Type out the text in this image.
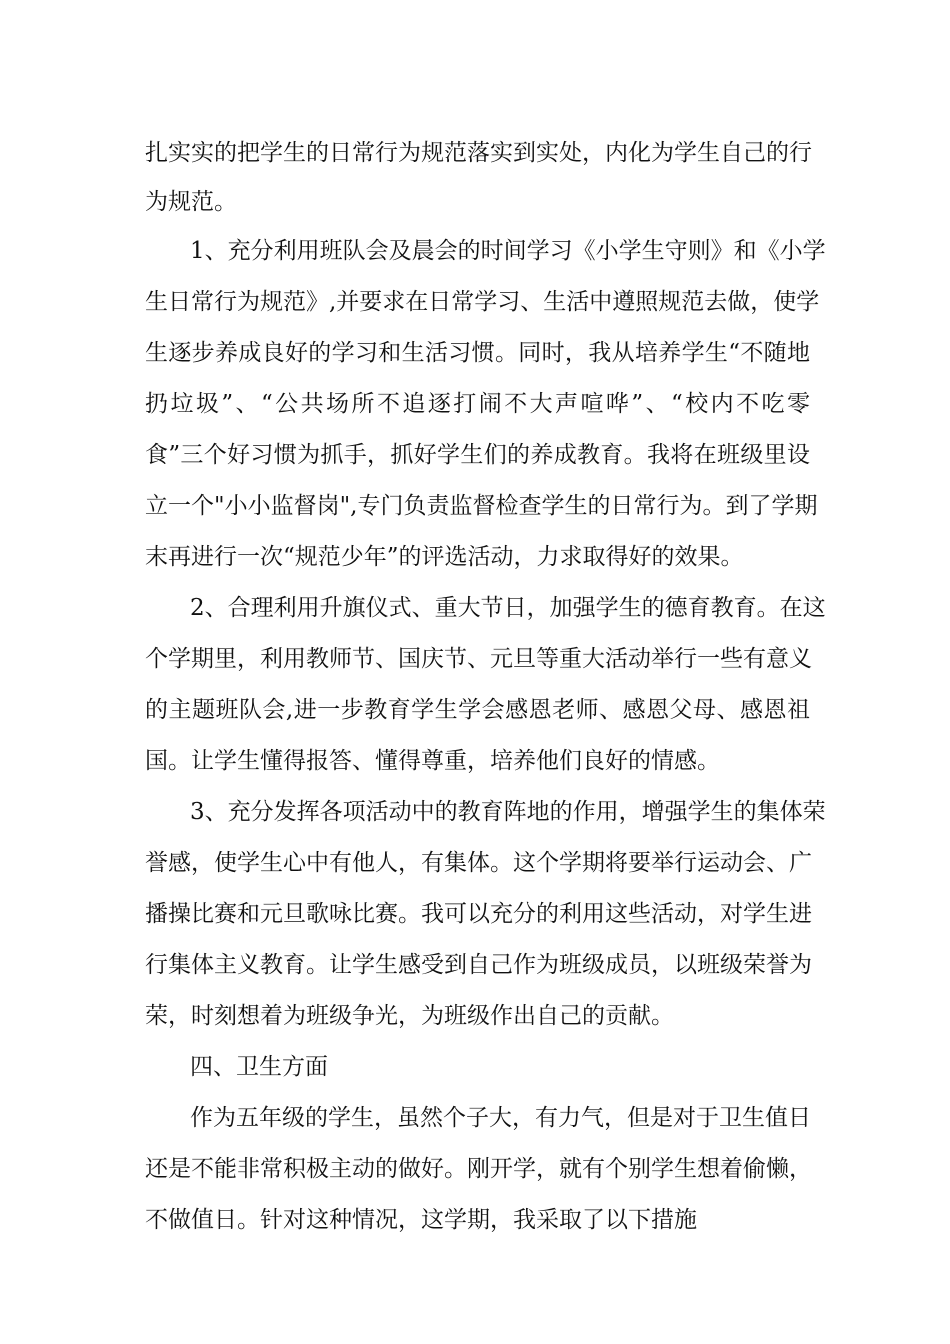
扎实实的把学生的日常行为规范落实到实处，内化为学生自己的行
为规范。
1、充分利用班队会及晨会的时间学习《小学生守则》和《小学
生日常行为规范》,并要求在日常学习、生活中遵照规范去做，使学
生逐步养成良好的学习和生活习惯。同时，我从培养学生“不随地
扔垃圾”、“公共场所不追逐打闹不大声喧哗”、“校内不吃零
食”三个好习惯为抓手，抓好学生们的养成教育。我将在班级里设
立一个"小小监督岗",专门负责监督检查学生的日常行为。到了学期
末再进行一次“规范少年”的评选活动，力求取得好的效果。
2、合理利用升旗仪式、重大节日，加强学生的德育教育。在这
个学期里，利用教师节、国庆节、元旦等重大活动举行一些有意义
的主题班队会,进一步教育学生学会感恩老师、感恩父母、感恩祖
国。让学生懂得报答、懂得尊重，培养他们良好的情感。
3、充分发挥各项活动中的教育阵地的作用，增强学生的集体荣
誉感，使学生心中有他人，有集体。这个学期将要举行运动会、广
播操比赛和元旦歌咏比赛。我可以充分的利用这些活动，对学生进
行集体主义教育。让学生感受到自己作为班级成员，以班级荣誉为
荣，时刻想着为班级争光，为班级作出自己的贡献。
四、卫生方面
作为五年级的学生，虽然个子大，有力气，但是对于卫生值日
还是不能非常积极主动的做好。刚开学，就有个别学生想着偷懒，
不做值日。针对这种情况，这学期，我采取了以下措施
